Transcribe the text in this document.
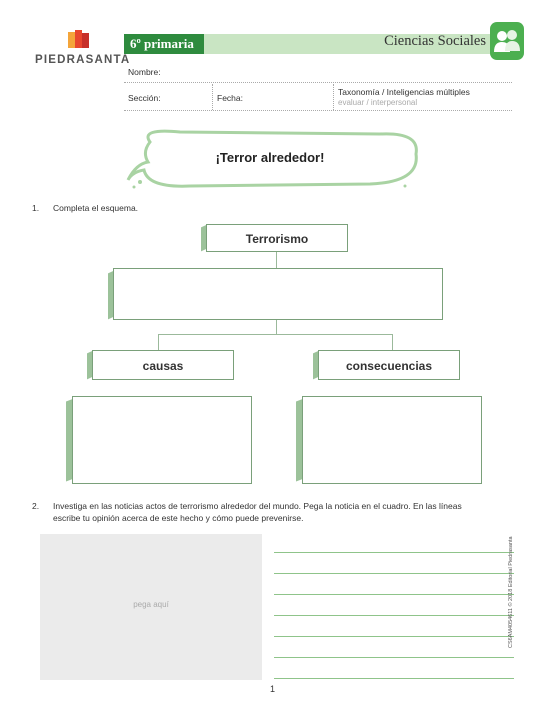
PIEDRASANTA
6º primaria	Ciencias Sociales
Nombre:
Sección:	Fecha:
Taxonomía / Inteligencias múltiples
evaluar / interpersonal
¡Terror alrededor!
1. Completa el esquema.
Terrorismo
causas	consecuencias
2. Investiga en las noticias actos de terrorismo alrededor del mundo. Pega la noticia en el cuadro. En las líneas
escribe tu opinión acerca de este hecho y cómo puede prevenirse.
pega aquí	CS6AM4054611 © 2018 Editorial Piedrasanta
1
